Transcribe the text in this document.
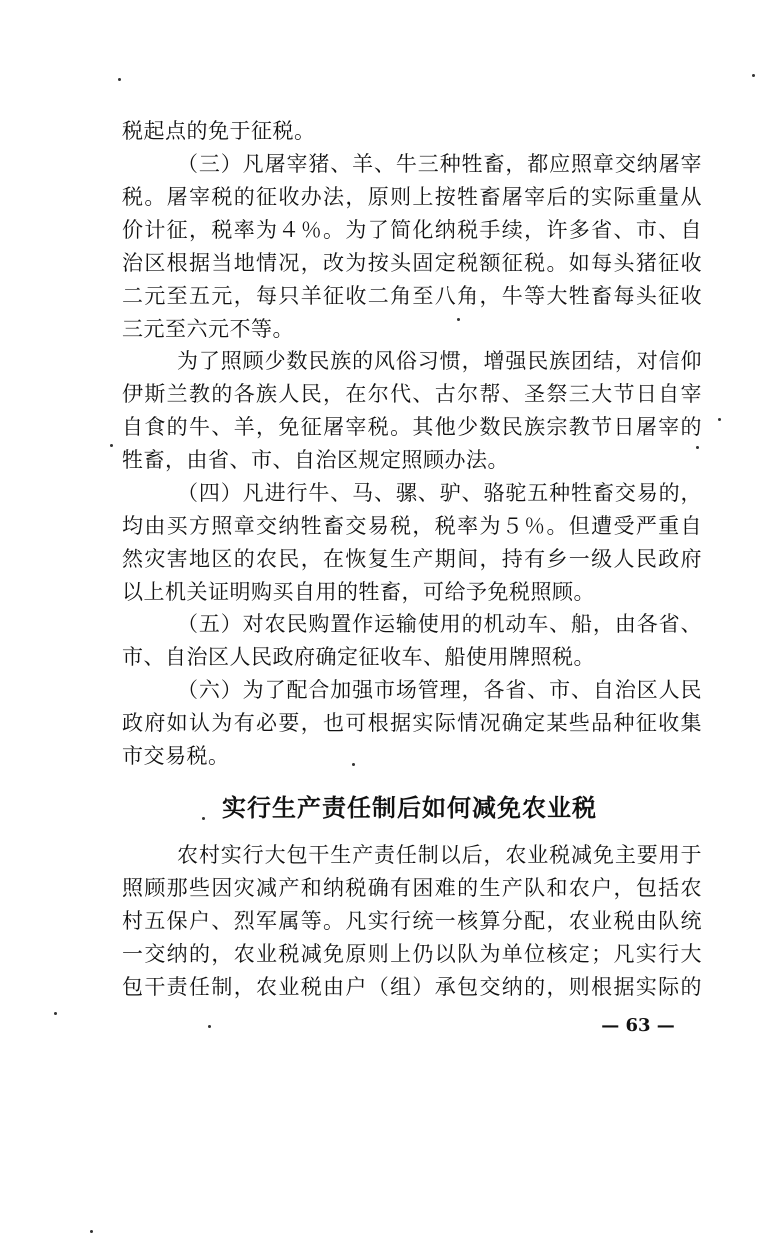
税起点的免于征税。
（三）凡屠宰猪、羊、牛三种牲畜，都应照章交纳屠宰
税。屠宰税的征收办法，原则上按牲畜屠宰后的实际重量从
价计征，税率为４％。为了简化纳税手续，许多省、市、自
治区根据当地情况，改为按头固定税额征税。如每头猪征收
二元至五元，每只羊征收二角至八角，牛等大牲畜每头征收
三元至六元不等。
为了照顾少数民族的风俗习惯，增强民族团结，对信仰
伊斯兰教的各族人民，在尔代、古尔帮、圣祭三大节日自宰
自食的牛、羊，免征屠宰税。其他少数民族宗教节日屠宰的
牲畜，由省、市、自治区规定照顾办法。
（四）凡进行牛、马、骡、驴、骆驼五种牲畜交易的，
均由买方照章交纳牲畜交易税，税率为５％。但遭受严重自
然灾害地区的农民，在恢复生产期间，持有乡一级人民政府
以上机关证明购买自用的牲畜，可给予免税照顾。
（五）对农民购置作运输使用的机动车、船，由各省、
市、自治区人民政府确定征收车、船使用牌照税。
（六）为了配合加强市场管理，各省、市、自治区人民
政府如认为有必要，也可根据实际情况确定某些品种征收集
市交易税。
实行生产责任制后如何减免农业税
农村实行大包干生产责任制以后，农业税减免主要用于
照顾那些因灾减产和纳税确有困难的生产队和农户，包括农
村五保户、烈军属等。凡实行统一核算分配，农业税由队统
一交纳的，农业税减免原则上仍以队为单位核定；凡实行大
包干责任制，农业税由户（组）承包交纳的，则根据实际的
— 63 —
